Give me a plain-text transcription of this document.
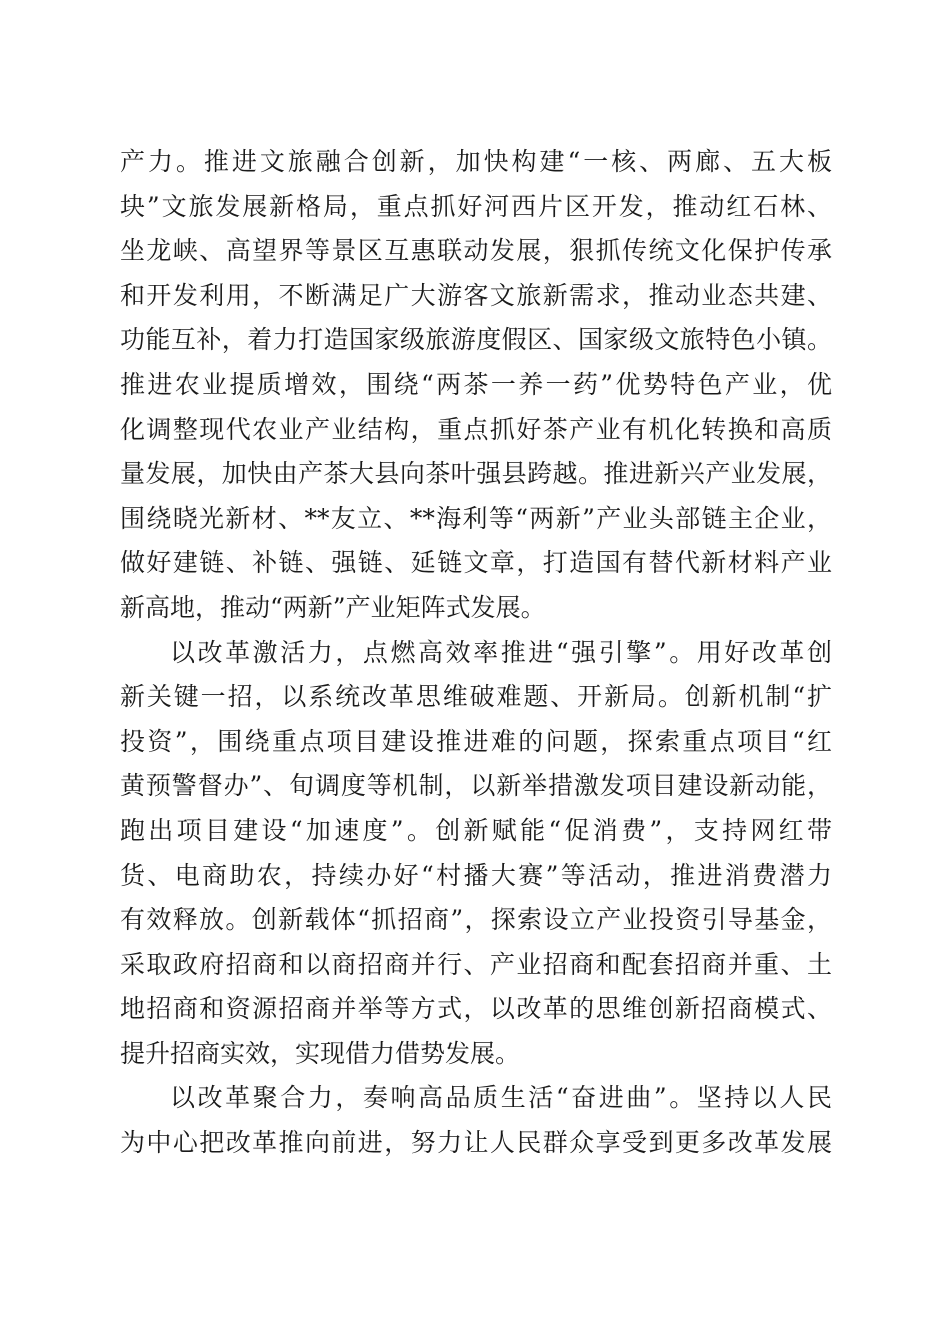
产力。推进文旅融合创新，加快构建“一核、两廊、五大板
块”文旅发展新格局，重点抓好河西片区开发，推动红石林、
坐龙峡、高望界等景区互惠联动发展，狠抓传统文化保护传承
和开发利用，不断满足广大游客文旅新需求，推动业态共建、
功能互补，着力打造国家级旅游度假区、国家级文旅特色小镇。
推进农业提质增效，围绕“两茶一养一药”优势特色产业，优
化调整现代农业产业结构，重点抓好茶产业有机化转换和高质
量发展，加快由产茶大县向茶叶强县跨越。推进新兴产业发展，
围绕晓光新材、**友立、**海利等“两新”产业头部链主企业，
做好建链、补链、强链、延链文章，打造国有替代新材料产业
新高地，推动“两新”产业矩阵式发展。
以改革激活力，点燃高效率推进“强引擎”。用好改革创
新关键一招，以系统改革思维破难题、开新局。创新机制“扩
投资”，围绕重点项目建设推进难的问题，探索重点项目“红
黄预警督办”、旬调度等机制，以新举措激发项目建设新动能，
跑出项目建设“加速度”。创新赋能“促消费”，支持网红带
货、电商助农，持续办好“村播大赛”等活动，推进消费潜力
有效释放。创新载体“抓招商”，探索设立产业投资引导基金，
采取政府招商和以商招商并行、产业招商和配套招商并重、土
地招商和资源招商并举等方式，以改革的思维创新招商模式、
提升招商实效，实现借力借势发展。
以改革聚合力，奏响高品质生活“奋进曲”。坚持以人民
为中心把改革推向前进，努力让人民群众享受到更多改革发展
